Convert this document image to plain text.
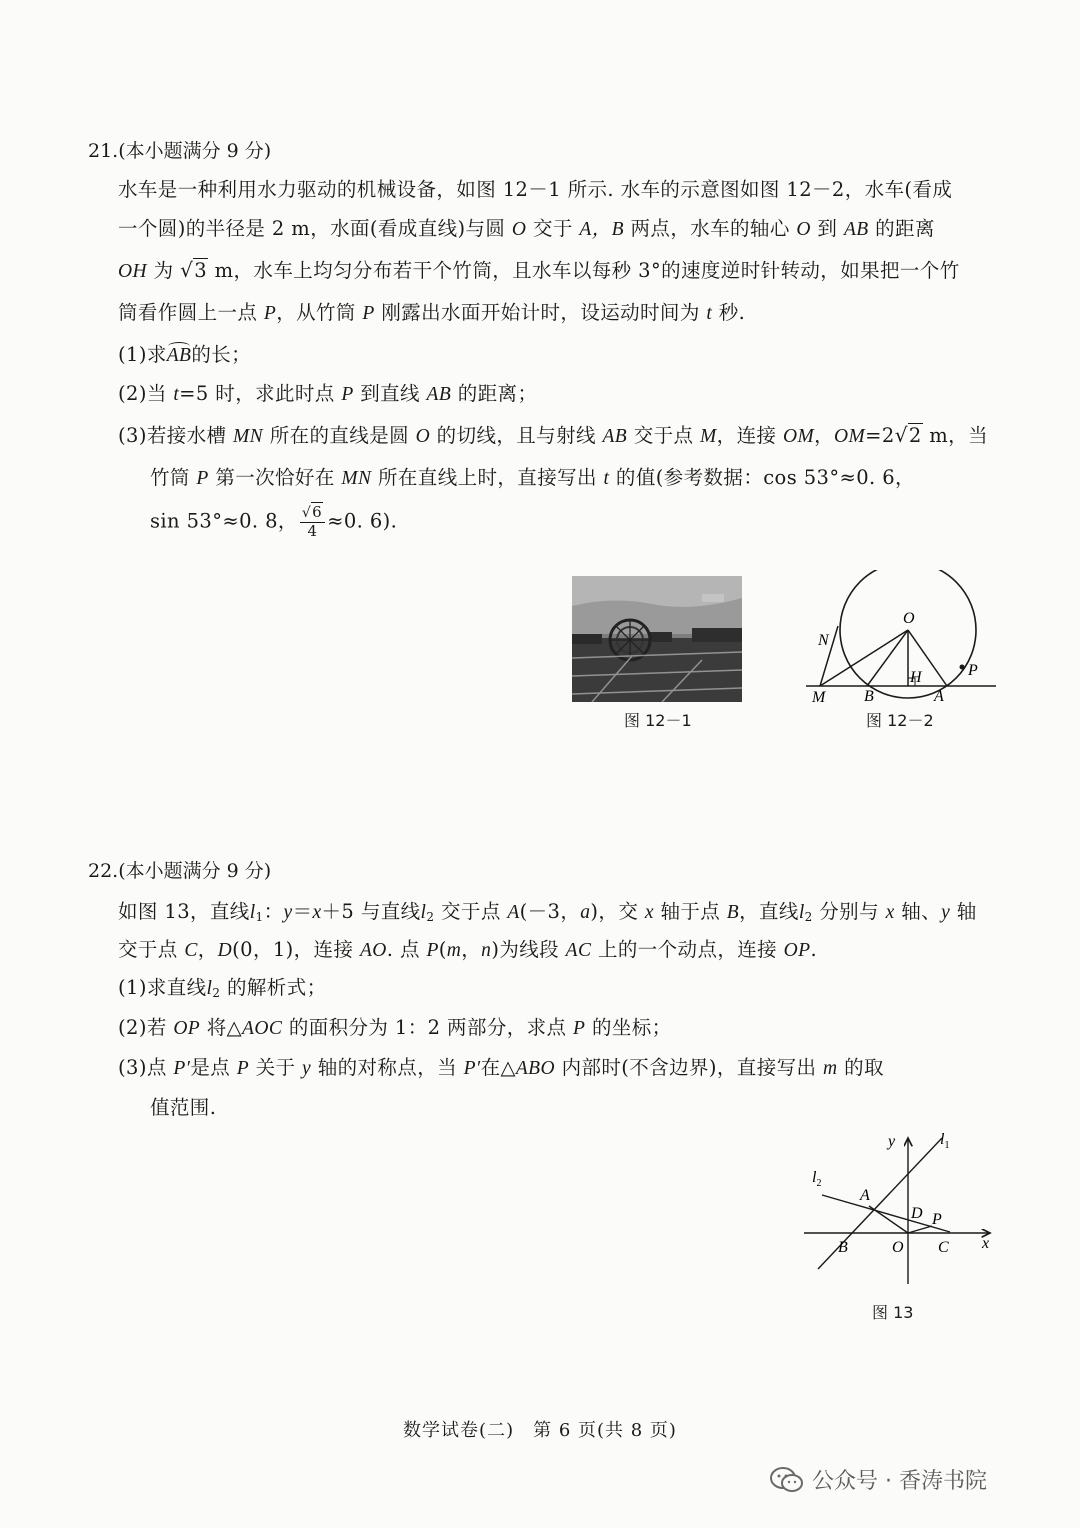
21.(本小题满分 9 分)
水车是一种利用水力驱动的机械设备，如图 12－1 所示. 水车的示意图如图 12－2，水车(看成
一个圆)的半径是 2 m，水面(看成直线)与圆 O 交于 A，B 两点，水车的轴心 O 到 AB 的距离
OH 为 √3 m，水车上均匀分布若干个竹筒，且水车以每秒 3°的速度逆时针转动，如果把一个竹
筒看作圆上一点 P，从竹筒 P 刚露出水面开始计时，设运动时间为 t 秒.
(1)求AB的长；
(2)当 t=5 时，求此时点 P 到直线 AB 的距离；
(3)若接水槽 MN 所在的直线是圆 O 的切线，且与射线 AB 交于点 M，连接 OM，OM=2√2 m，当
竹筒 P 第一次恰好在 MN 所在直线上时，直接写出 t 的值(参考数据：cos 53°≈0. 6，
sin 53°≈0. 8， $\frac{√6}{4} \approx 0$. 6).
图 12－1
O
N
H	P
M B	A
图 12－2
22.(本小题满分 9 分)
如图 13，直线$l_1$：y＝x＋5 与直线$l_2$ 交于点 A(－3，a)，交 x 轴于点 B，直线$l_2$ 分别与 x 轴、y 轴
交于点 C，D(0，1)，连接 AO. 点 P(m，n)为线段 AC 上的一个动点，连接 OP.
(1)求直线$l_2$ 的解析式；
(2)若 OP 将△AOC 的面积分为 1：2 两部分，求点 P 的坐标；
(3)点 P′是点 P 关于 y 轴的对称点，当 P′在△ABO 内部时(不含边界)，直接写出 m 的取
值范围.
y	$l_1$
$l_2$
A
D P
B	O C x
图 13
数学试卷(二)　第 6 页(共 8 页)
公众号 · 香涛书院
